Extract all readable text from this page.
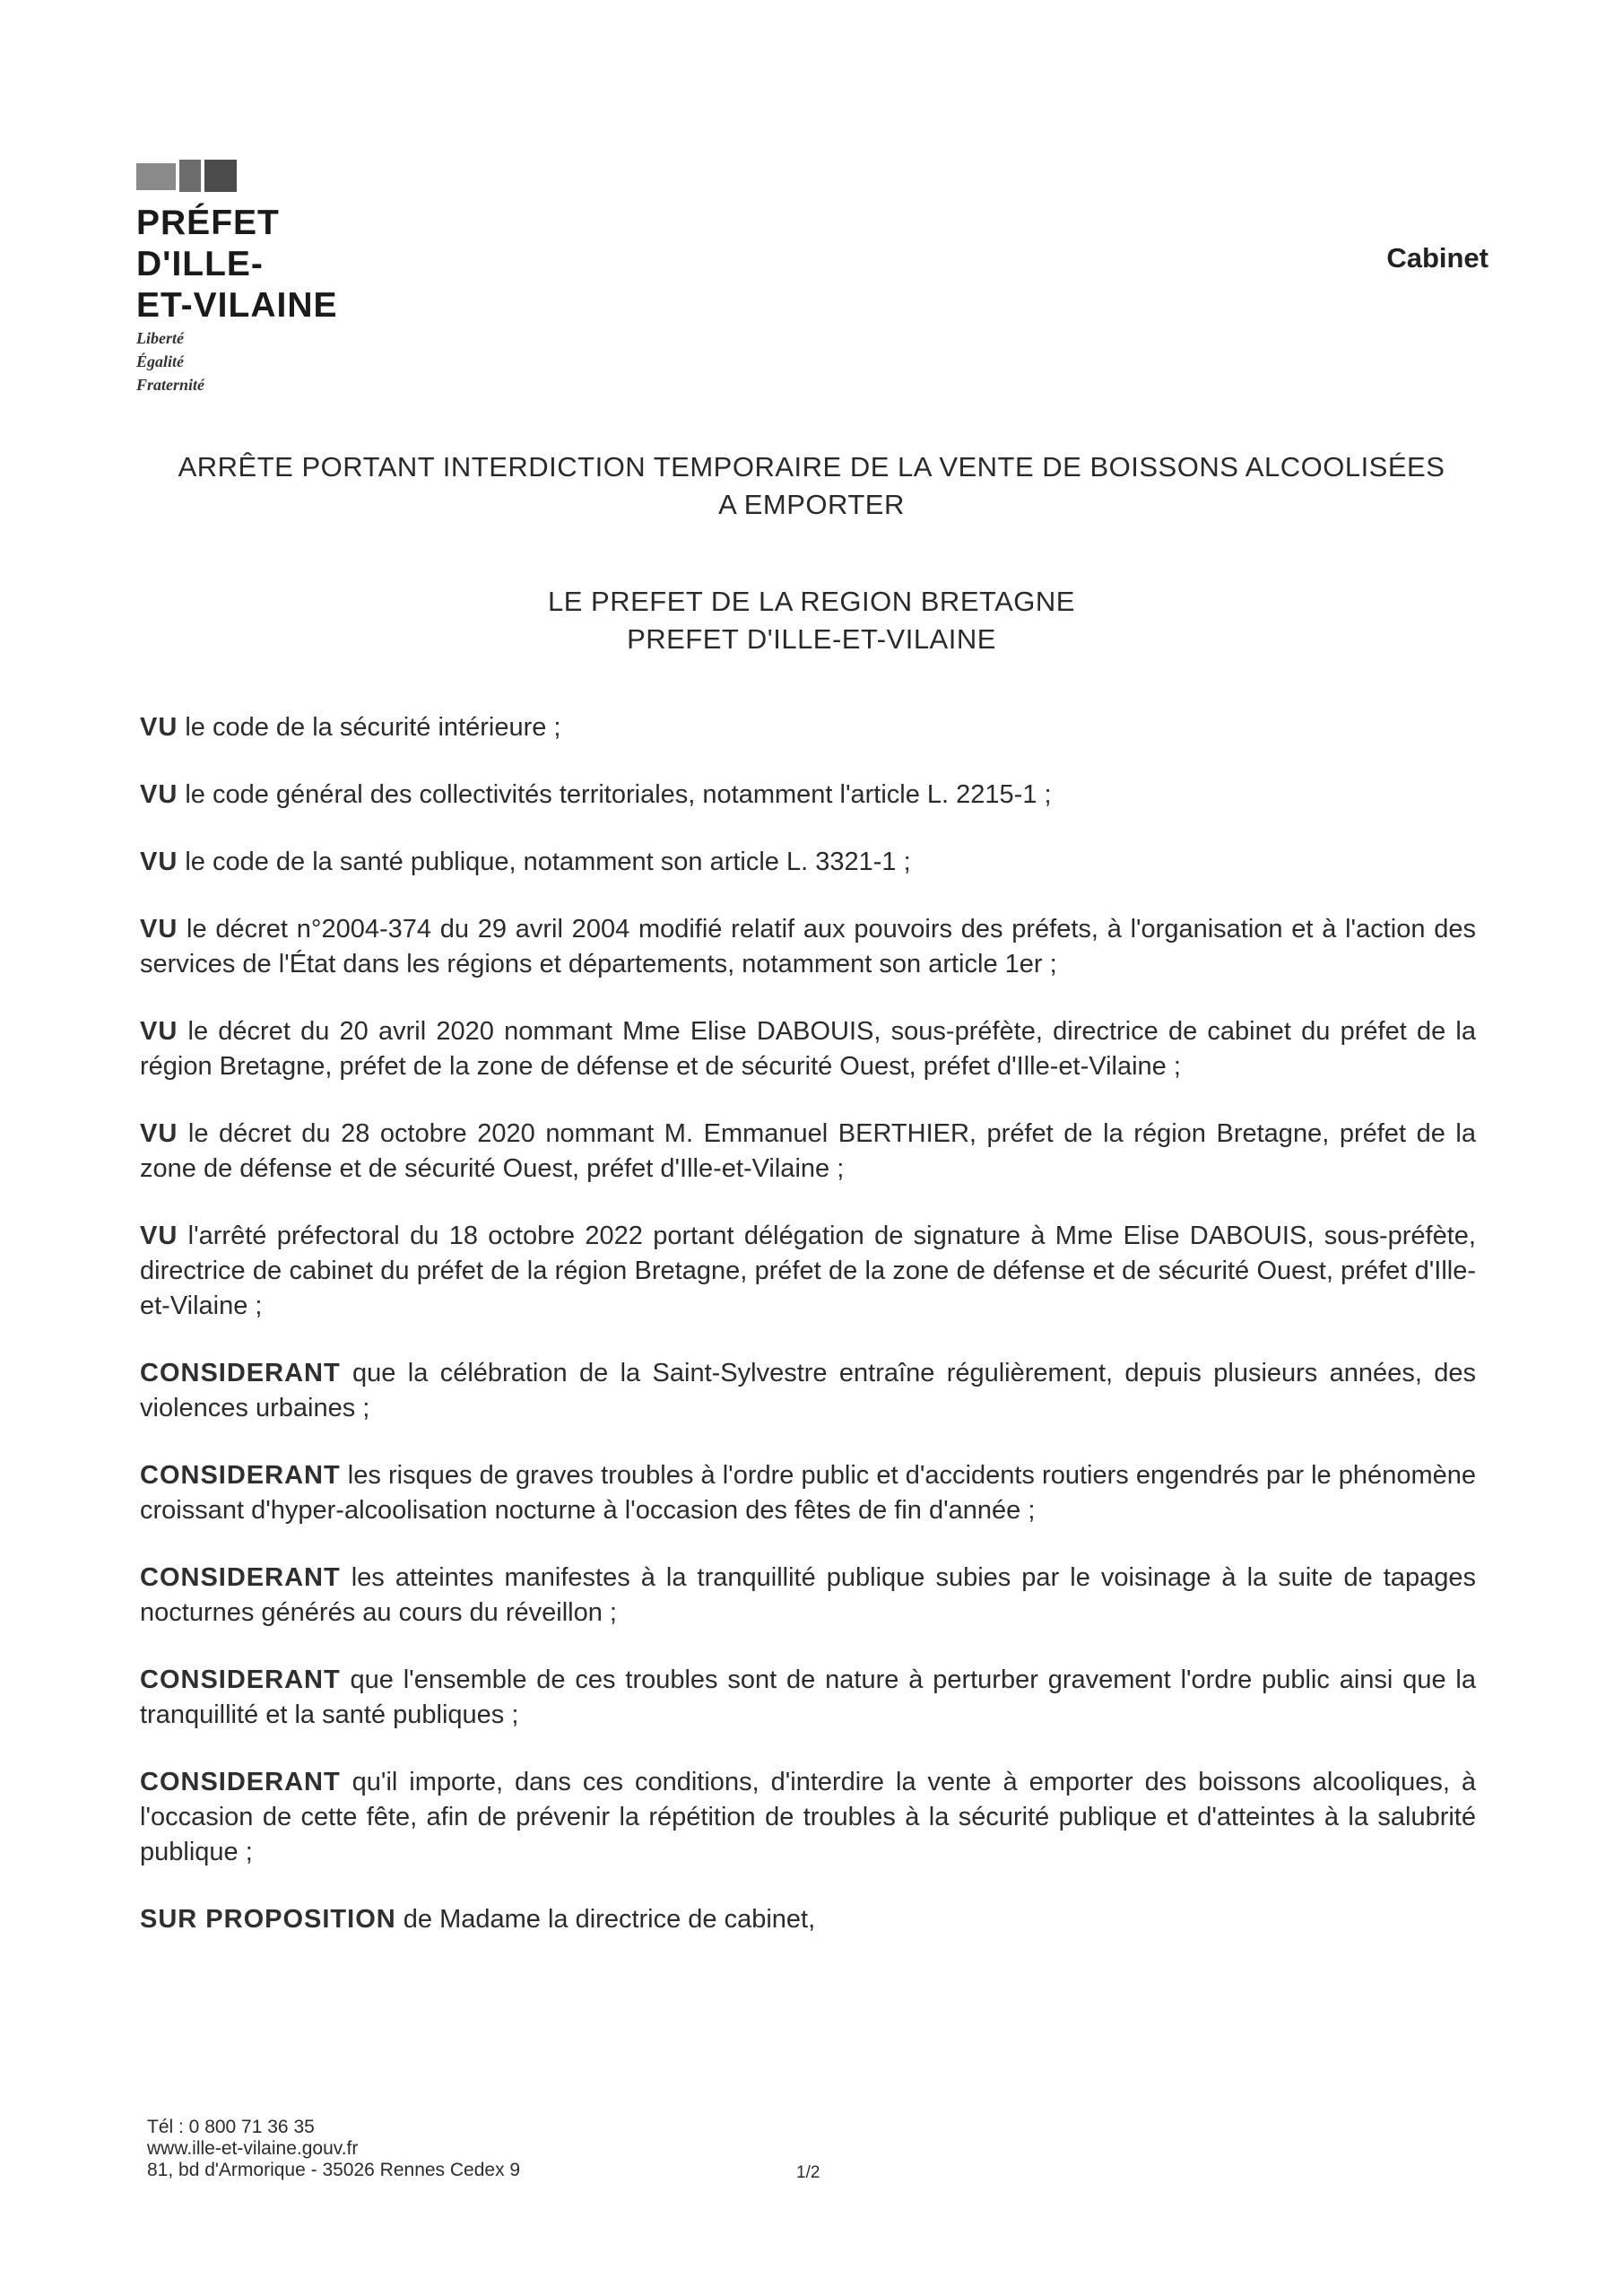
PRÉFET
D'ILLE-
ET-VILAINE
Liberté
Égalité
Fraternité
Cabinet
ARRÊTE PORTANT INTERDICTION TEMPORAIRE DE LA VENTE DE BOISSONS ALCOOLISÉES
A EMPORTER
LE PREFET DE LA REGION BRETAGNE
PREFET D'ILLE-ET-VILAINE

VU le code de la sécurité intérieure ;

VU le code général des collectivités territoriales, notamment l'article L. 2215-1 ;

VU le code de la santé publique, notamment son article L. 3321-1 ;

VU le décret n°2004-374 du 29 avril 2004 modifié relatif aux pouvoirs des préfets, à l'organisation et à l'action des services de l'État dans les régions et départements, notamment son article 1er ;

VU le décret du 20 avril 2020 nommant Mme Elise DABOUIS, sous-préfète, directrice de cabinet du préfet de la région Bretagne, préfet de la zone de défense et de sécurité Ouest, préfet d'Ille-et-Vilaine ;

VU le décret du 28 octobre 2020 nommant M. Emmanuel BERTHIER, préfet de la région Bretagne, préfet de la zone de défense et de sécurité Ouest, préfet d'Ille-et-Vilaine ;

VU l'arrêté préfectoral du 18 octobre 2022 portant délégation de signature à Mme Elise DABOUIS, sous-préfète, directrice de cabinet du préfet de la région Bretagne, préfet de la zone de défense et de sécurité Ouest, préfet d'Ille-et-Vilaine ;

CONSIDERANT que la célébration de la Saint-Sylvestre entraîne régulièrement, depuis plusieurs années, des violences urbaines ;

CONSIDERANT les risques de graves troubles à l'ordre public et d'accidents routiers engendrés par le phénomène croissant d'hyper-alcoolisation nocturne à l'occasion des fêtes de fin d'année ;

CONSIDERANT les atteintes manifestes à la tranquillité publique subies par le voisinage à la suite de tapages nocturnes générés au cours du réveillon ;

CONSIDERANT que l'ensemble de ces troubles sont de nature à perturber gravement l'ordre public ainsi que la tranquillité et la santé publiques ;

CONSIDERANT qu'il importe, dans ces conditions, d'interdire la vente à emporter des boissons alcooliques, à l'occasion de cette fête, afin de prévenir la répétition de troubles à la sécurité publique et d'atteintes à la salubrité publique ;

SUR PROPOSITION de Madame la directrice de cabinet,

Tél : 0 800 71 36 35
www.ille-et-vilaine.gouv.fr
81, bd d'Armorique - 35026 Rennes Cedex 9	1/2
